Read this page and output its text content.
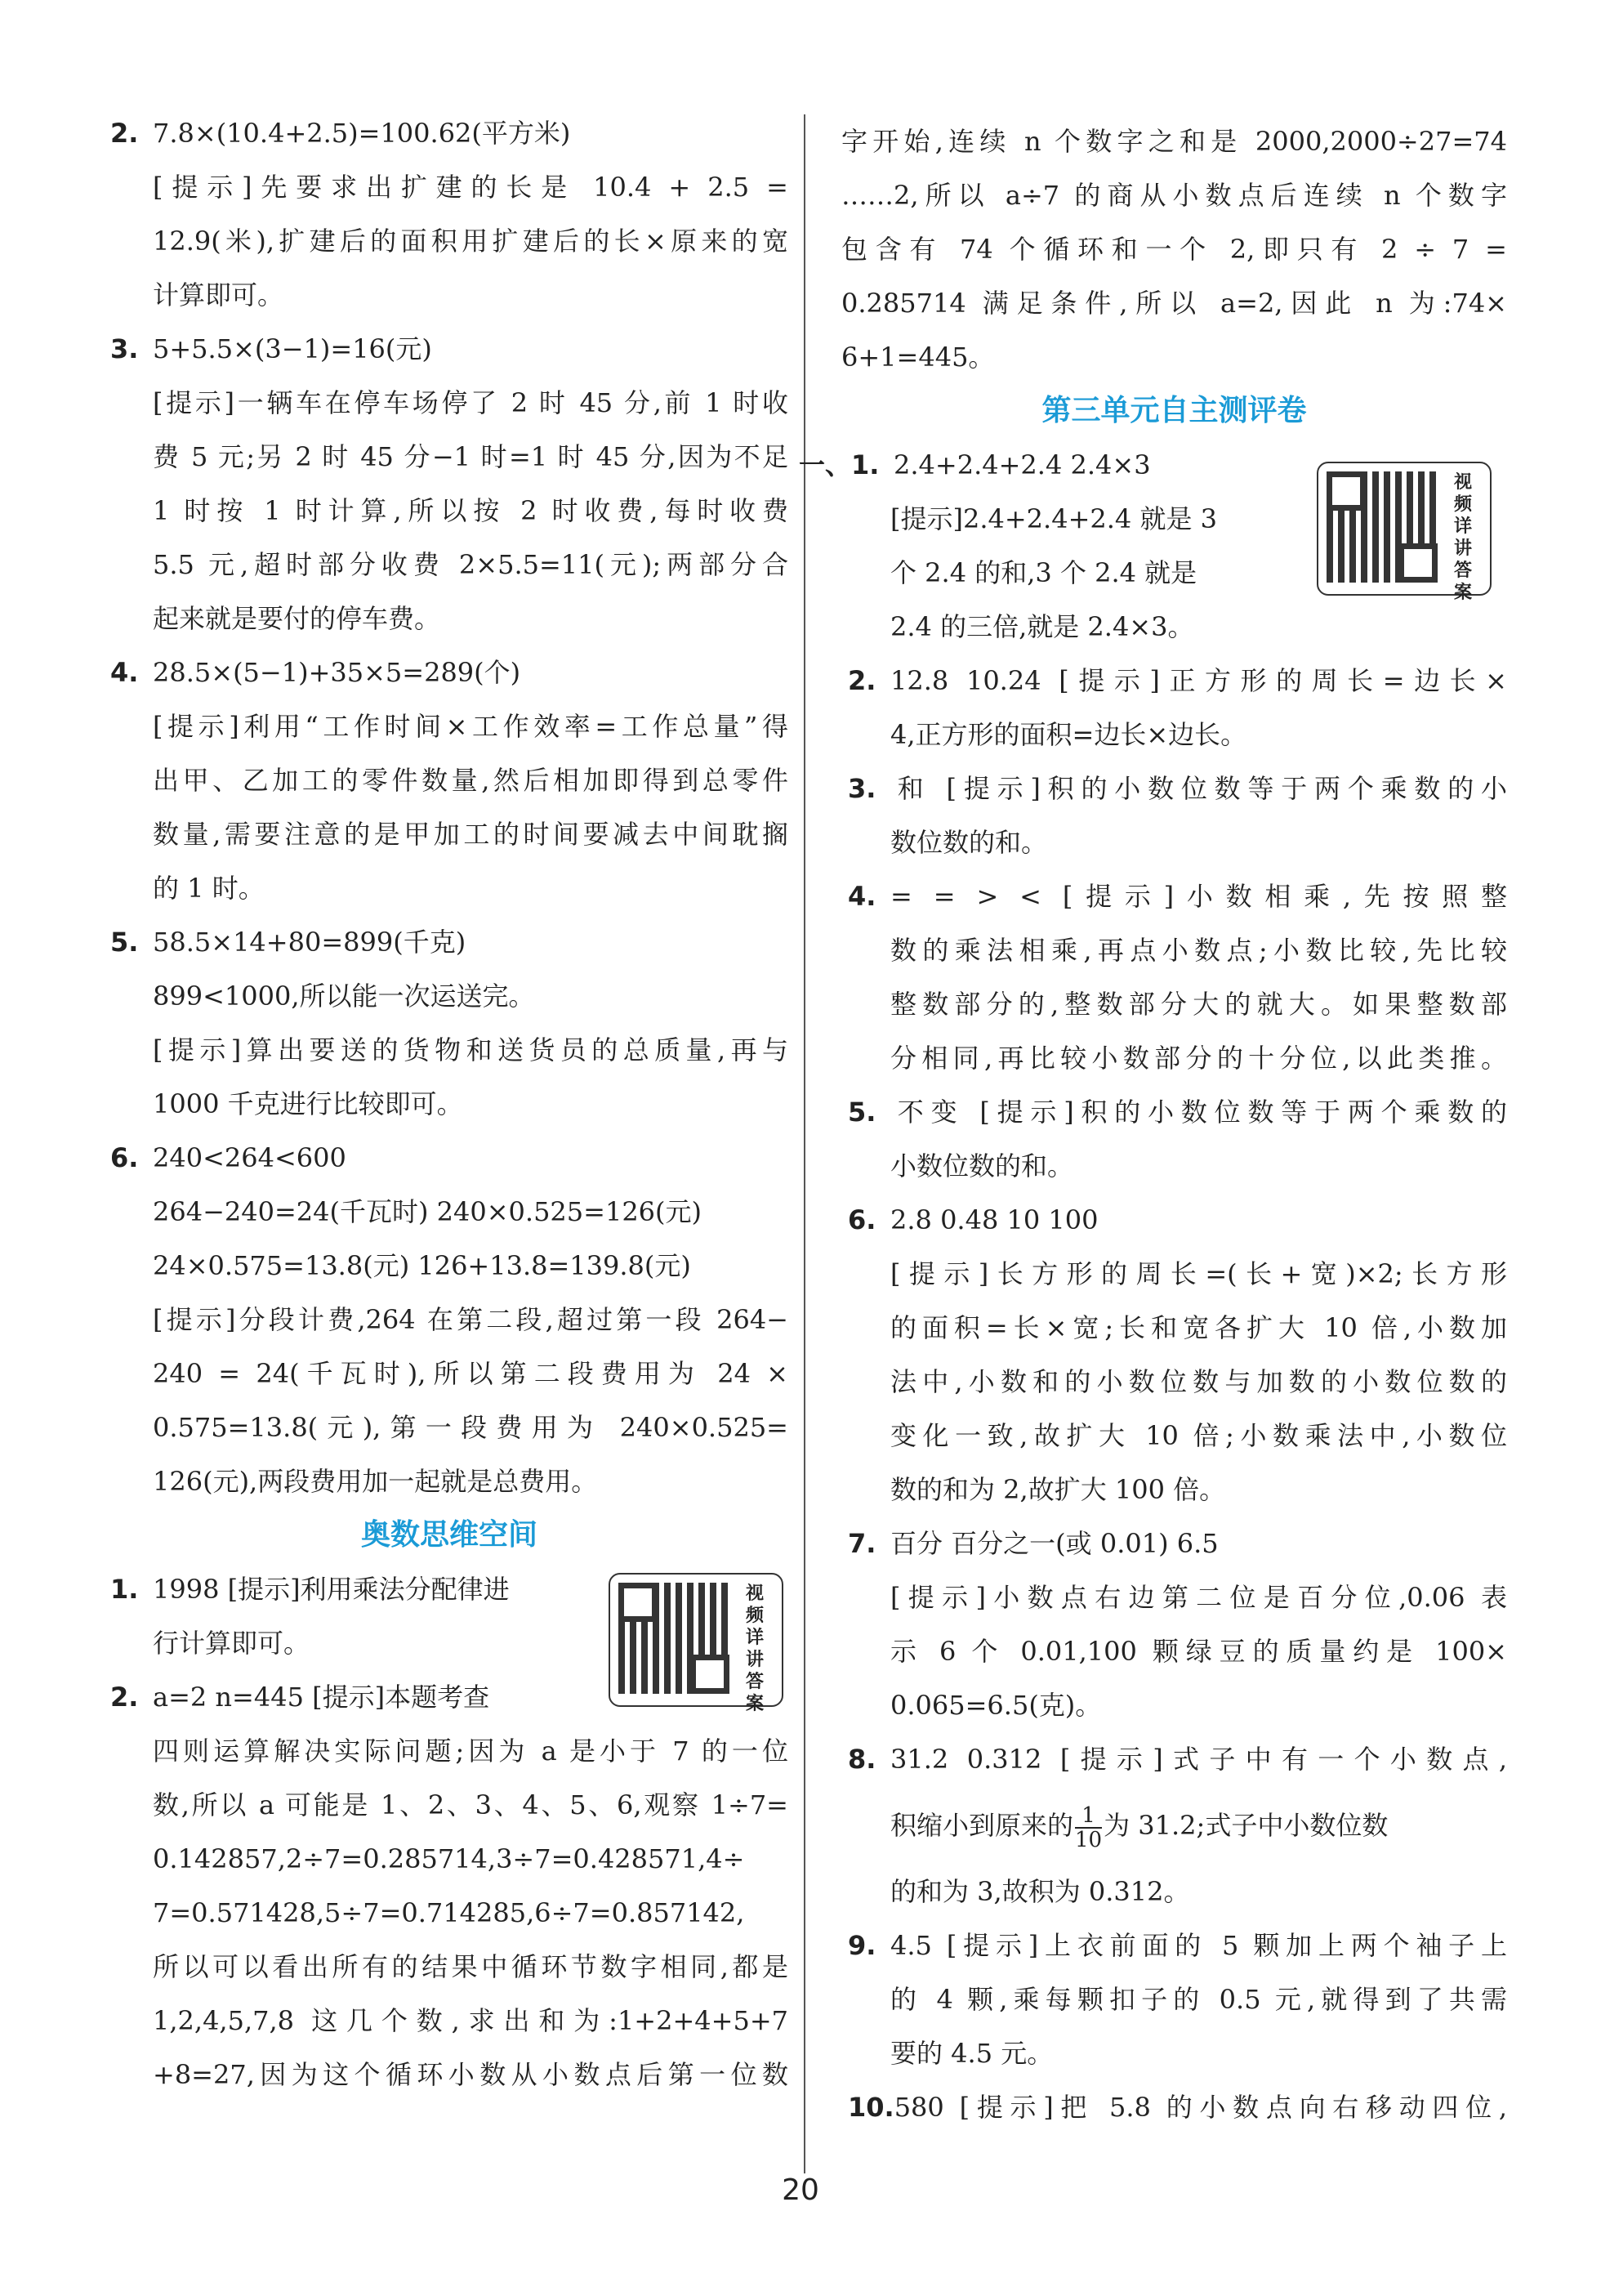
2. 7.8×(10.4+2.5)=100.62(平方米)
[提示]先要求出扩建的长是 10.4 + 2.5 =
12.9(米),扩建后的面积用扩建后的长×原来的宽
计算即可。
3. 5+5.5×(3−1)=16(元)
[提示]一辆车在停车场停了 2 时 45 分,前 1 时收
费 5 元;另 2 时 45 分−1 时=1 时 45 分,因为不足
1 时按 1 时计算,所以按 2 时收费,每时收费
5.5 元,超时部分收费 2×5.5=11(元);两部分合
起来就是要付的停车费。
4. 28.5×(5−1)+35×5=289(个)
[提示]利用“工作时间×工作效率=工作总量”得
出甲、乙加工的零件数量,然后相加即得到总零件
数量,需要注意的是甲加工的时间要减去中间耽搁
的 1 时。
5. 58.5×14+80=899(千克)
899<1000,所以能一次运送完。
[提示]算出要送的货物和送货员的总质量,再与
1000 千克进行比较即可。
6. 240<264<600
264−240=24(千瓦时) 240×0.525=126(元)
24×0.575=13.8(元) 126+13.8=139.8(元)
[提示]分段计费,264 在第二段,超过第一段 264−
240 = 24(千瓦时),所以第二段费用为 24 ×
0.575=13.8(元),第一段费用为 240×0.525=
126(元),两段费用加一起就是总费用。
奥数思维空间
1. 1998 [提示]利用乘法分配律进
行计算即可。
2. a=2 n=445 [提示]本题考查
四则运算解决实际问题;因为 a 是小于 7 的一位
数,所以 a 可能是 1、2、3、4、5、6,观察 1÷7=
0.142857,2÷7=0.285714,3÷7=0.428571,4÷
7=0.571428,5÷7=0.714285,6÷7=0.857142,
所以可以看出所有的结果中循环节数字相同,都是
1,2,4,5,7,8 这几个数,求出和为:1+2+4+5+7
+8=27,因为这个循环小数从小数点后第一位数
字开始,连续 n 个数字之和是 2000,2000÷27=74
……2,所以 a÷7 的商从小数点后连续 n 个数字
包含有 74 个循环和一个 2,即只有 2 ÷ 7 =
0.285714 满足条件,所以 a=2,因此 n 为:74×
6+1=445。
第三单元自主测评卷
一、1. 2.4+2.4+2.4 2.4×3
[提示]2.4+2.4+2.4 就是 3
个 2.4 的和,3 个 2.4 就是
2.4 的三倍,就是 2.4×3。
2. 12.8 10.24 [提示]正方形的周长=边长×
4,正方形的面积=边长×边长。
3. 和 [提示]积的小数位数等于两个乘数的小
数位数的和。
4. = = > < [提示]小数相乘,先按照整
数的乘法相乘,再点小数点;小数比较,先比较
整数部分的,整数部分大的就大。如果整数部
分相同,再比较小数部分的十分位,以此类推。
5. 不变 [提示]积的小数位数等于两个乘数的
小数位数的和。
6. 2.8 0.48 10 100
[提示]长方形的周长=(长+宽)×2;长方形
的面积=长×宽;长和宽各扩大 10 倍,小数加
法中,小数和的小数位数与加数的小数位数的
变化一致,故扩大 10 倍;小数乘法中,小数位
数的和为 2,故扩大 100 倍。
7. 百分 百分之一(或 0.01) 6.5
[提示]小数点右边第二位是百分位,0.06 表
示 6 个 0.01,100 颗绿豆的质量约是 100×
0.065=6.5(克)。
8. 31.2 0.312 [提示]式子中有一个小数点,
积缩小到原来的 $\frac{1}{10}$ 为 31.2;式子中小数位数
的和为 3,故积为 0.312。
9. 4.5 [提示]上衣前面的 5 颗加上两个袖子上
的 4 颗,乘每颗扣子的 0.5 元,就得到了共需
要的 4.5 元。
10.580 [提示]把 5.8 的小数点向右移动四位,
视频详讲答案
视频详讲答案
20
